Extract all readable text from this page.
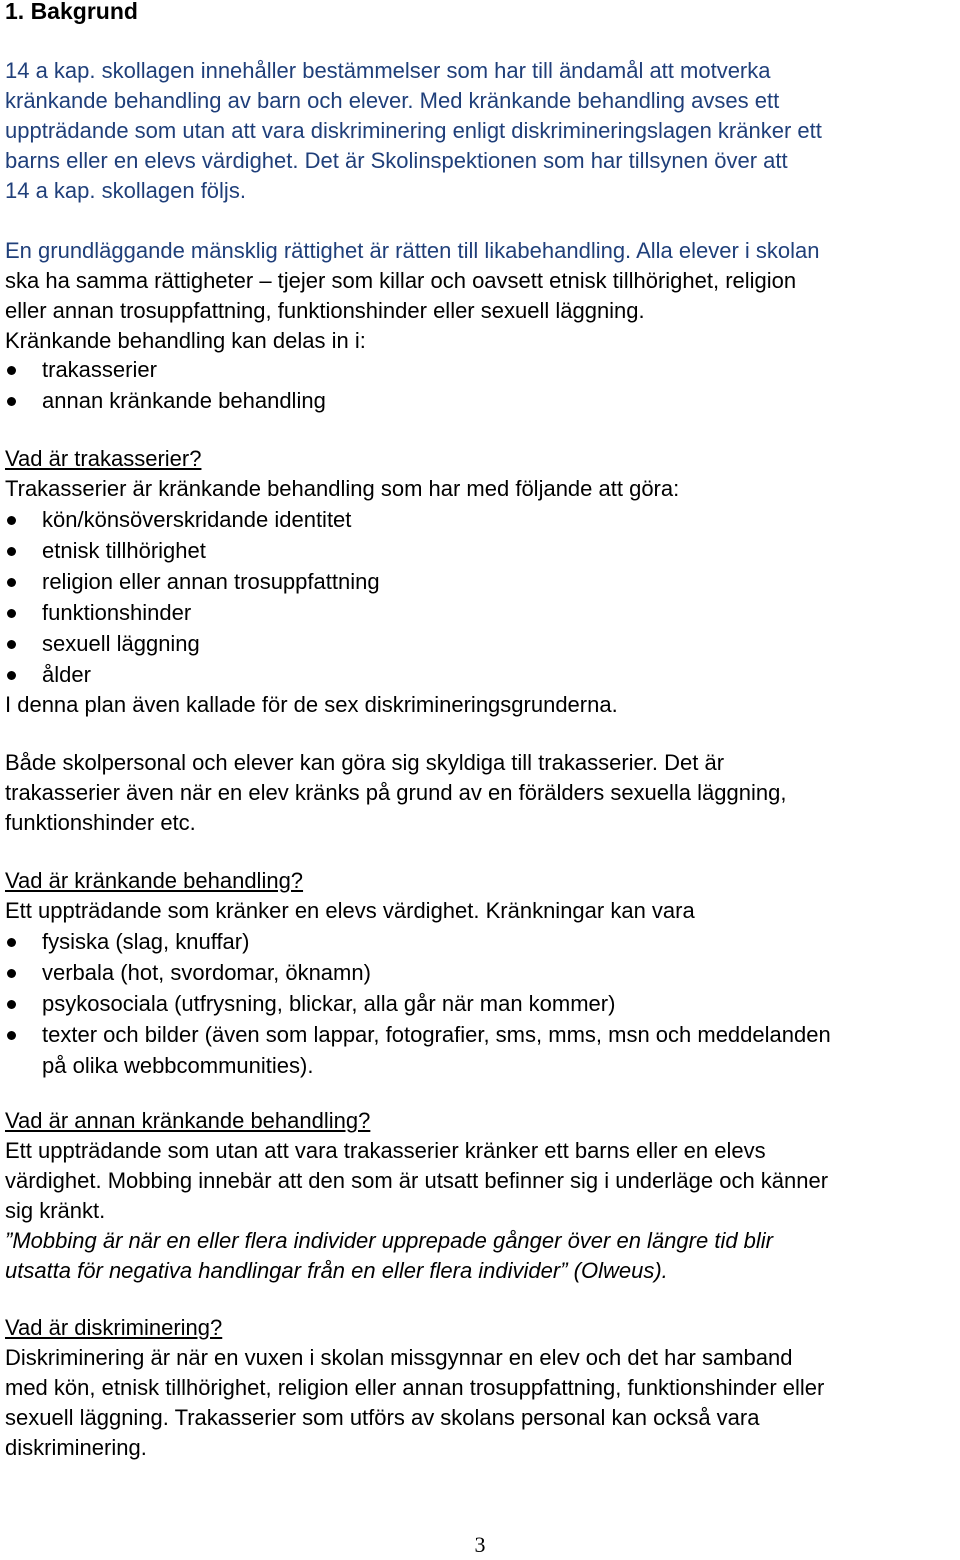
1. Bakgrund
14 a kap. skollagen innehåller bestämmelser som har till ändamål att motverka
kränkande behandling av barn och elever. Med kränkande behandling avses ett
uppträdande som utan att vara diskriminering enligt diskrimineringslagen kränker ett
barns eller en elevs värdighet. Det är Skolinspektionen som har tillsynen över att
14 a kap. skollagen följs.
En grundläggande mänsklig rättighet är rätten till likabehandling. Alla elever i skolan
ska ha samma rättigheter – tjejer som killar och oavsett etnisk tillhörighet, religion
eller annan trosuppfattning, funktionshinder eller sexuell läggning.
Kränkande behandling kan delas in i:
trakasserier
annan kränkande behandling
Vad är trakasserier?
Trakasserier är kränkande behandling som har med följande att göra:
kön/könsöverskridande identitet
etnisk tillhörighet
religion eller annan trosuppfattning
funktionshinder
sexuell läggning
ålder
I denna plan även kallade för de sex diskrimineringsgrunderna.
Både skolpersonal och elever kan göra sig skyldiga till trakasserier. Det är
trakasserier även när en elev kränks på grund av en förälders sexuella läggning,
funktionshinder etc.
Vad är kränkande behandling?
Ett uppträdande som kränker en elevs värdighet. Kränkningar kan vara
fysiska (slag, knuffar)
verbala (hot, svordomar, öknamn)
psykosociala (utfrysning, blickar, alla går när man kommer)
texter och bilder (även som lappar, fotografier, sms, mms, msn och meddelanden
på olika webbcommunities).
Vad är annan kränkande behandling?
Ett uppträdande som utan att vara trakasserier kränker ett barns eller en elevs
värdighet. Mobbing innebär att den som är utsatt befinner sig i underläge och känner
sig kränkt.
”Mobbing är när en eller flera individer upprepade gånger över en längre tid blir
utsatta för negativa handlingar från en eller flera individer” (Olweus).
Vad är diskriminering?
Diskriminering är när en vuxen i skolan missgynnar en elev och det har samband
med kön, etnisk tillhörighet, religion eller annan trosuppfattning, funktionshinder eller
sexuell läggning. Trakasserier som utförs av skolans personal kan också vara
diskriminering.
3
